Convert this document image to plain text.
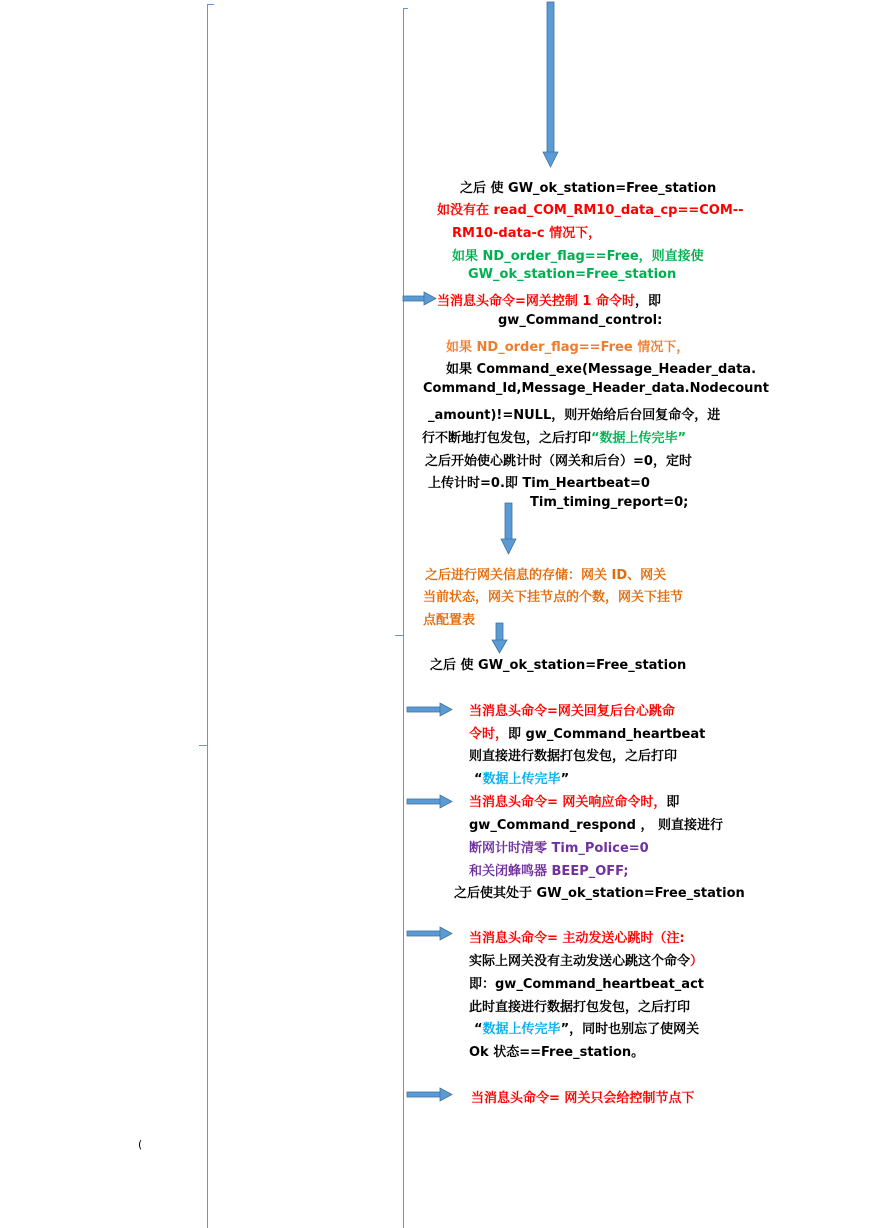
之后 使 GW_ok_station=Free_station
如没有在 read_COM_RM10_data_cp==COM--
RM10-data-c 情况下，
如果 ND_order_flag==Free，则直接使
GW_ok_station=Free_station
当消息头命令=网关控制 1 命令时，即
gw_Command_control:
如果 ND_order_flag==Free 情况下，
如果 Command_exe(Message_Header_data.
Command_Id,Message_Header_data.Nodecount
_amount)!=NULL，则开始给后台回复命令，进
行不断地打包发包，之后打印“数据上传完毕”
之后开始使心跳计时（网关和后台）=0，定时
上传计时=0.即 Tim_Heartbeat=0
Tim_timing_report=0;
之后进行网关信息的存储：网关 ID、网关
当前状态，网关下挂节点的个数，网关下挂节
点配置表
之后 使 GW_ok_station=Free_station
当消息头命令=网关回复后台心跳命
令时，即 gw_Command_heartbeat
则直接进行数据打包发包，之后打印
“数据上传完毕”
当消息头命令= 网关响应命令时，即
gw_Command_respond ， 则直接进行
断网计时清零 Tim_Police=0
和关闭蜂鸣器 BEEP_OFF;
之后使其处于 GW_ok_station=Free_station
当消息头命令= 主动发送心跳时（注:
实际上网关没有主动发送心跳这个命令）
即：gw_Command_heartbeat_act
此时直接进行数据打包发包，之后打印
“数据上传完毕”，同时也别忘了使网关
Ok 状态==Free_station。
当消息头命令= 网关只会给控制节点下
(
